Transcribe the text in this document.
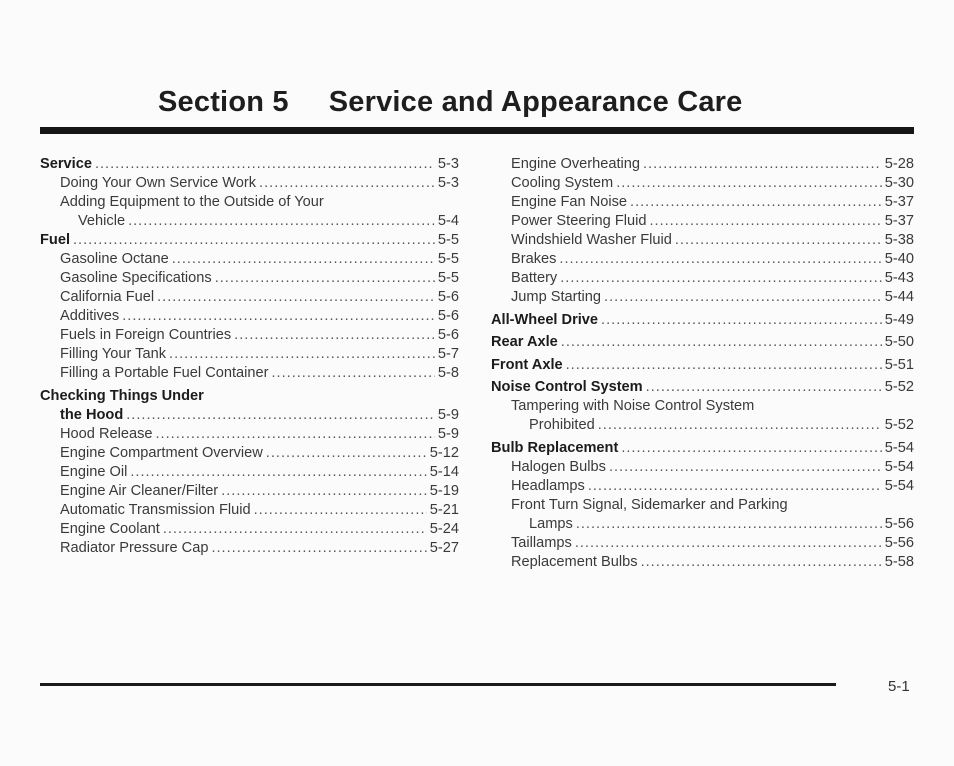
Section 5 Service and Appearance Care
Service .....	5-3
Doing Your Own Service Work .....	5-3
Adding Equipment to the Outside of Your
Vehicle .....	5-4
Fuel .....	5-5
Gasoline Octane .....	5-5
Gasoline Specifications .....	5-5
California Fuel .....	5-6
Additives .....	5-6
Fuels in Foreign Countries .....	5-6
Filling Your Tank .....	5-7
Filling a Portable Fuel Container .....	5-8
Checking Things Under
the Hood .....	5-9
Hood Release .....	5-9
Engine Compartment Overview .....	5-12
Engine Oil .....	5-14
Engine Air Cleaner/Filter .....	5-19
Automatic Transmission Fluid .....	5-21
Engine Coolant .....	5-24
Radiator Pressure Cap .....	5-27
Engine Overheating .....	5-28
Cooling System .....	5-30
Engine Fan Noise .....	5-37
Power Steering Fluid .....	5-37
Windshield Washer Fluid .....	5-38
Brakes .....	5-40
Battery .....	5-43
Jump Starting .....	5-44
All-Wheel Drive .....	5-49
Rear Axle .....	5-50
Front Axle .....	5-51
Noise Control System .....	5-52
Tampering with Noise Control System
Prohibited .....	5-52
Bulb Replacement .....	5-54
Halogen Bulbs .....	5-54
Headlamps .....	5-54
Front Turn Signal, Sidemarker and Parking
Lamps .....	5-56
Taillamps .....	5-56
Replacement Bulbs .....	5-58
5-1
